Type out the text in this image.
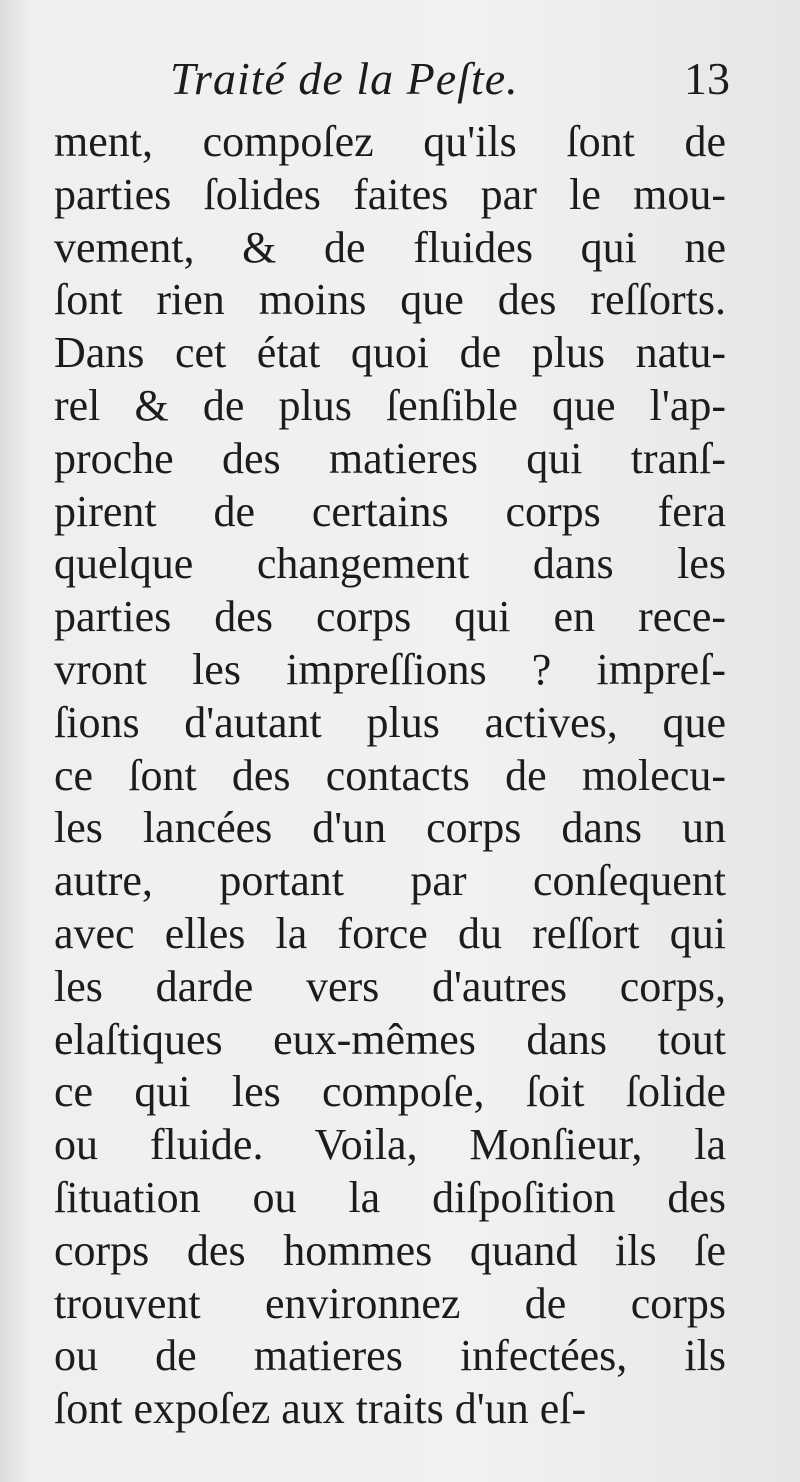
Traité de la Peſte.	13
ment, compoſez qu'ils ſont de
parties ſolides faites par le mou-
vement, & de fluides qui ne
ſont rien moins que des reſſorts.
Dans cet état quoi de plus natu-
rel & de plus ſenſible que l'ap-
proche des matieres qui tranſ-
pirent de certains corps fera
quelque changement dans les
parties des corps qui en rece-
vront les impreſſions ? impreſ-
ſions d'autant plus actives, que
ce ſont des contacts de molecu-
les lancées d'un corps dans un
autre, portant par conſequent
avec elles la force du reſſort qui
les darde vers d'autres corps,
elaſtiques eux-mêmes dans tout
ce qui les compoſe, ſoit ſolide
ou fluide. Voila, Monſieur, la
ſituation ou la diſpoſition des
corps des hommes quand ils ſe
trouvent environnez de corps
ou de matieres infectées, ils
ſont expoſez aux traits d'un eſ-
